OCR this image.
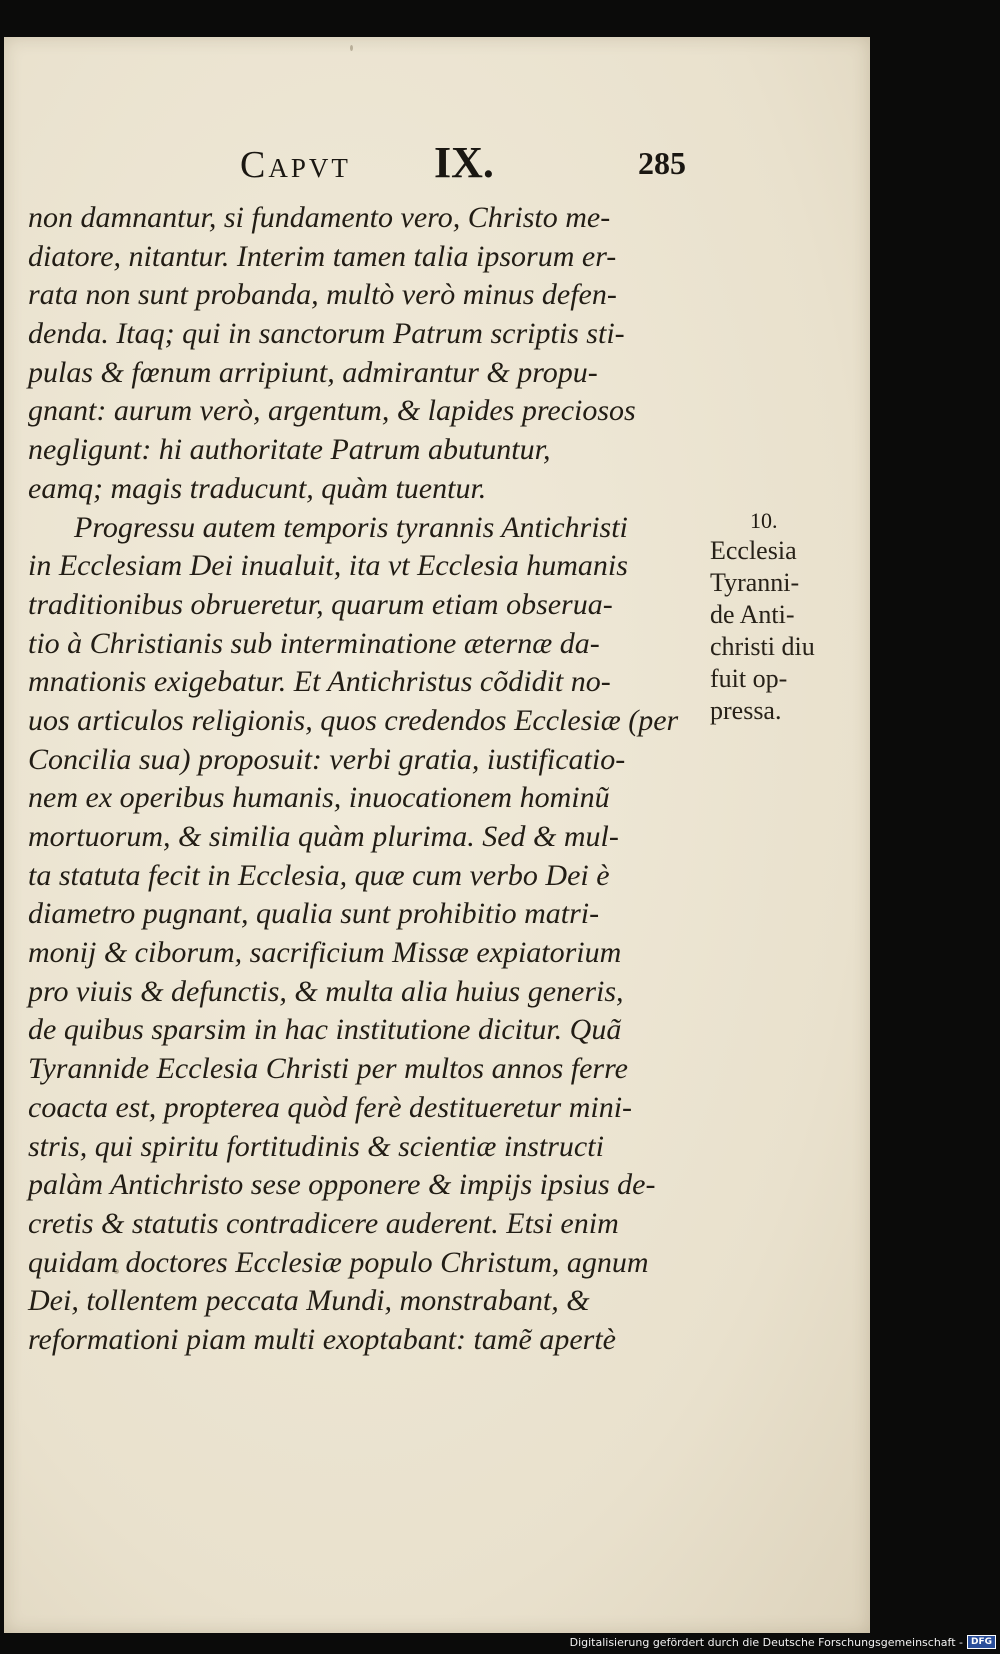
Capvt IX.	285
non damnantur, si fundamento vero, Christo me-
diatore, nitantur. Interim tamen talia ipsorum er-
rata non sunt probanda, multò verò minus defen-
denda. Itaq; qui in sanctorum Patrum scriptis sti-
pulas & fœnum arripiunt, admirantur & propu-
gnant: aurum verò, argentum, & lapides preciosos
negligunt: hi authoritate Patrum abutuntur,
eamq; magis traducunt, quàm tuentur.
Progressu autem temporis tyrannis Antichristi
in Ecclesiam Dei inualuit, ita vt Ecclesia humanis
traditionibus obrueretur, quarum etiam obserua-
tio à Christianis sub interminatione æternæ da-
mnationis exigebatur. Et Antichristus cõdidit no-
uos articulos religionis, quos credendos Ecclesiæ (per
Concilia sua) proposuit: verbi gratia, iustificatio-
nem ex operibus humanis, inuocationem hominũ
mortuorum, & similia quàm plurima. Sed & mul-
ta statuta fecit in Ecclesia, quæ cum verbo Dei è
diametro pugnant, qualia sunt prohibitio matri-
monij & ciborum, sacrificium Missæ expiatorium
pro viuis & defunctis, & multa alia huius generis,
de quibus sparsim in hac institutione dicitur. Quã
Tyrannide Ecclesia Christi per multos annos ferre
coacta est, propterea quòd ferè destitueretur mini-
stris, qui spiritu fortitudinis & scientiæ instructi
palàm Antichristo sese opponere & impijs ipsius de-
cretis & statutis contradicere auderent. Etsi enim
quidam doctores Ecclesiæ populo Christum, agnum
Dei, tollentem peccata Mundi, monstrabant, &
reformationi piam multi exoptabant: tamẽ apertè
10.
Ecclesia
Tyranni-
de Anti-
christi diu
fuit op-
pressa.
Digitalisierung gefördert durch die Deutsche Forschungsgemeinschaft - DFG
